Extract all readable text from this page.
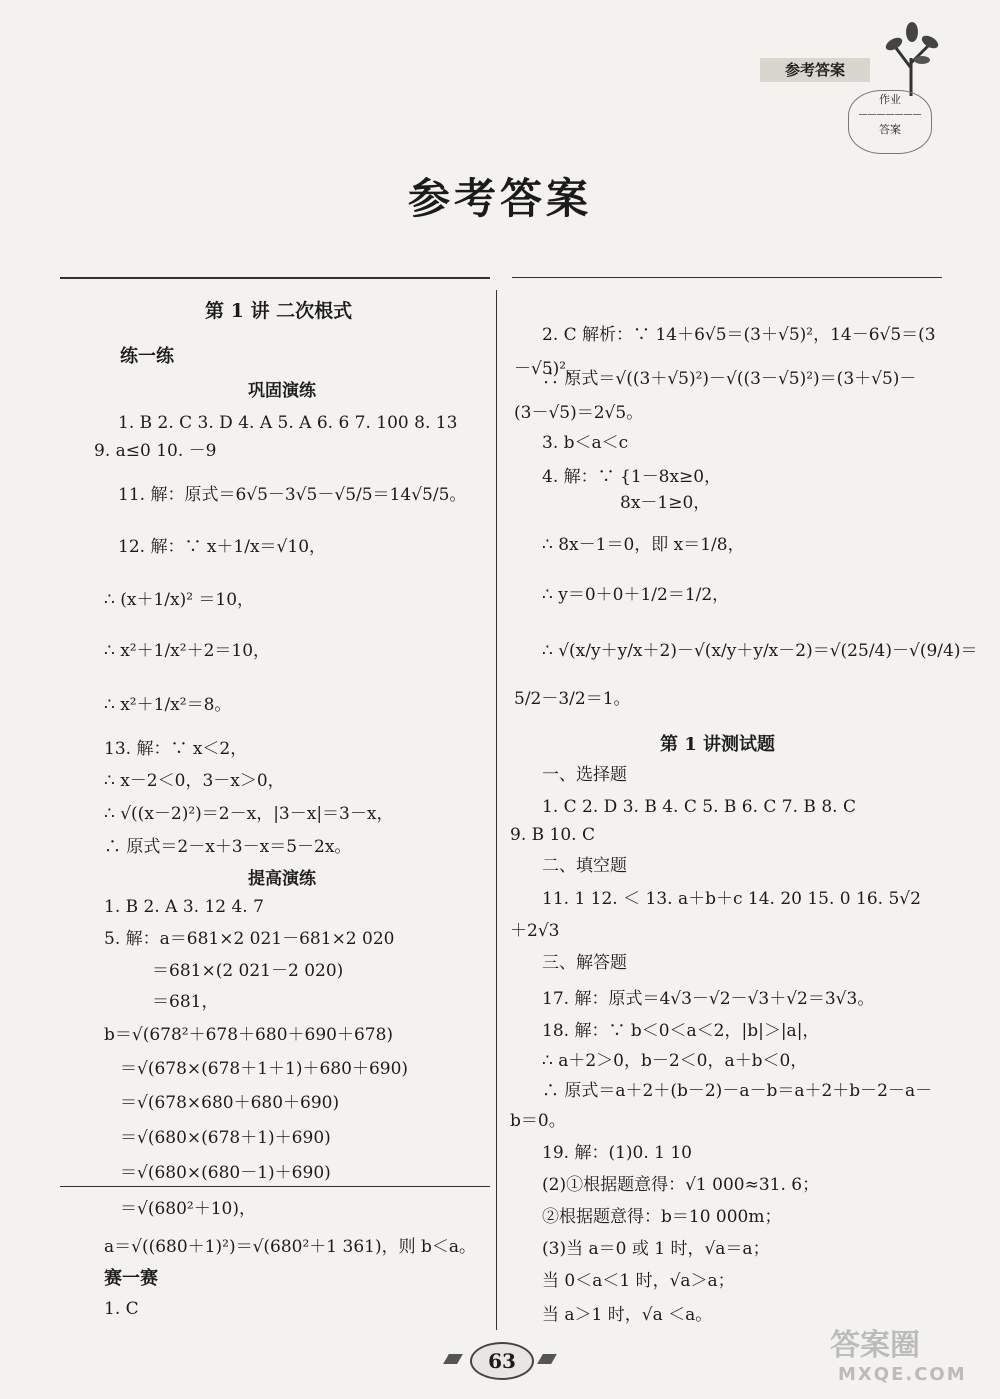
参考答案
作业
———————
答案
参考答案
第 1 讲 二次根式
练一练
巩固演练
1. B 2. C 3. D 4. A 5. A 6. 6 7. 100 8. 13
9. a≤0 10. －9
11. 解：原式＝6√5－3√5－√5/5＝14√5/5。
12. 解：∵ x＋1/x＝√10，
∴ (x＋1/x)² ＝10，
∴ x²＋1/x²＋2＝10，
∴ x²＋1/x²＝8。
13. 解：∵ x＜2，
∴ x－2＜0，3－x＞0，
∴ √((x－2)²)＝2－x，|3－x|＝3－x，
∴ 原式＝2－x＋3－x＝5－2x。
提高演练
1. B 2. A 3. 12 4. 7
5. 解：a＝681×2 021－681×2 020
＝681×(2 021－2 020)
＝681，
b＝√(678²＋678＋680＋690＋678)
＝√(678×(678＋1＋1)＋680＋690)
＝√(678×680＋680＋690)
＝√(680×(678＋1)＋690)
＝√(680×(680－1)＋690)
＝√(680²＋10)，
a＝√((680＋1)²)＝√(680²＋1 361)，则 b＜a。
赛一赛
1. C
2. C 解析：∵ 14＋6√5＝(3＋√5)²，14－6√5＝(3
－√5)²，
∴ 原式＝√((3＋√5)²)－√((3－√5)²)＝(3＋√5)－
(3－√5)＝2√5。
3. b＜a＜c
4. 解：∵ {1－8x≥0，
8x－1≥0，
∴ 8x－1＝0，即 x＝1/8，
∴ y＝0＋0＋1/2＝1/2，
∴ √(x/y＋y/x＋2)－√(x/y＋y/x－2)＝√(25/4)－√(9/4)＝
5/2－3/2＝1。
第 1 讲测试题
一、选择题
1. C 2. D 3. B 4. C 5. B 6. C 7. B 8. C
9. B 10. C
二、填空题
11. 1 12. ＜ 13. a＋b＋c 14. 20 15. 0 16. 5√2
＋2√3
三、解答题
17. 解：原式＝4√3－√2－√3＋√2＝3√3。
18. 解：∵ b＜0＜a＜2，|b|＞|a|，
∴ a＋2＞0，b－2＜0，a＋b＜0，
∴ 原式＝a＋2＋(b－2)－a－b＝a＋2＋b－2－a－
b＝0。
19. 解：(1)0. 1 10
(2)①根据题意得：√1 000≈31. 6；
②根据题意得：b＝10 000m；
(3)当 a＝0 或 1 时，√a＝a；
当 0＜a＜1 时，√a＞a；
当 a＞1 时，√a ＜a。
63	答案圈
MXQE.COM
